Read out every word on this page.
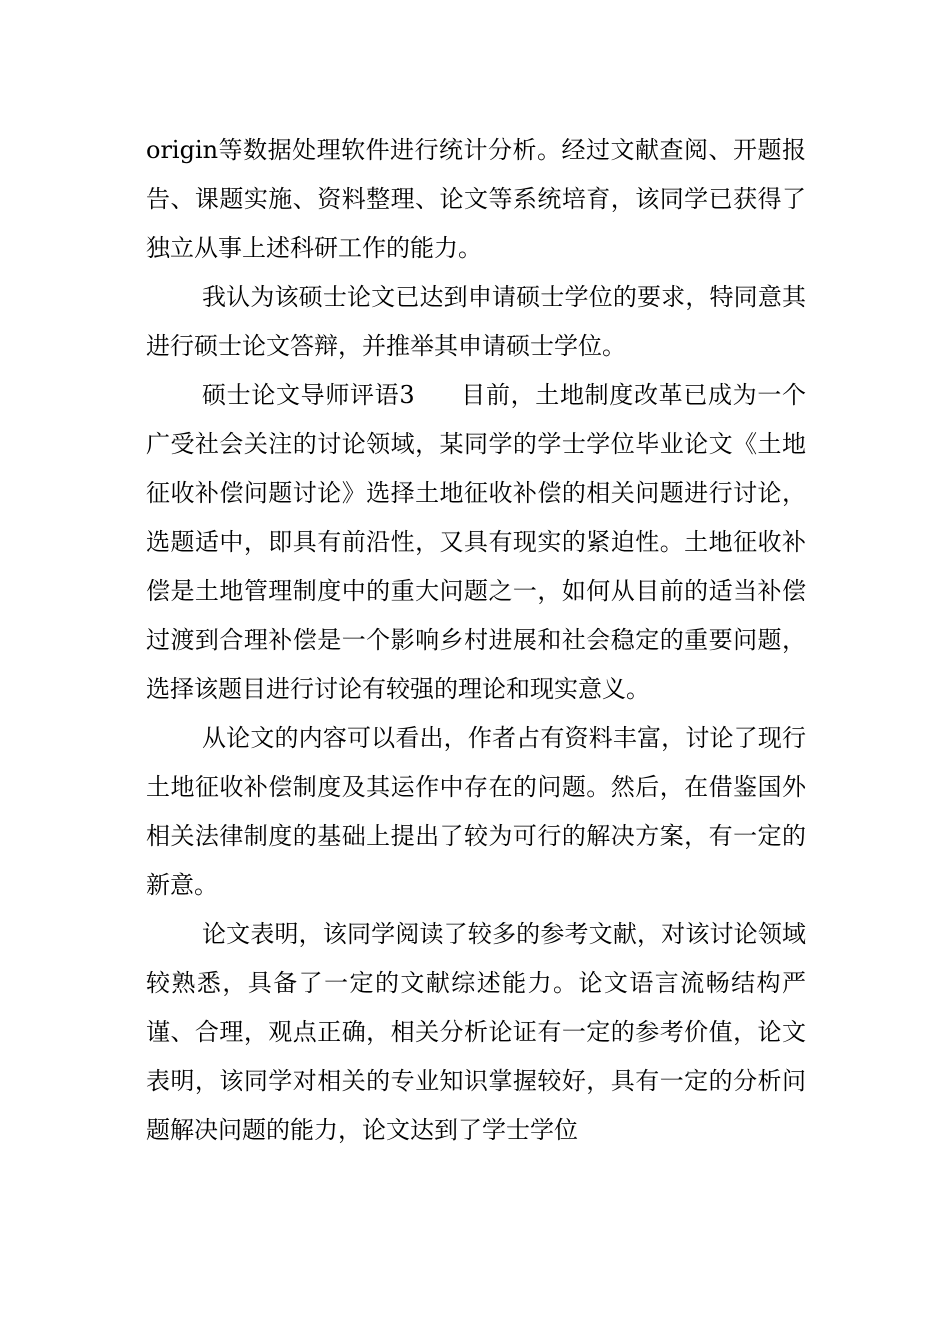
origin等数据处理软件进行统计分析。经过文献查阅、开题报告、课题实施、资料整理、论文等系统培育，该同学已获得了独立从事上述科研工作的能力。

我认为该硕士论文已达到申请硕士学位的要求，特同意其进行硕士论文答辩，并推举其申请硕士学位。

硕士论文导师评语3 目前，土地制度改革已成为一个广受社会关注的讨论领域，某同学的学士学位毕业论文《土地征收补偿问题讨论》选择土地征收补偿的相关问题进行讨论，选题适中，即具有前沿性，又具有现实的紧迫性。土地征收补偿是土地管理制度中的重大问题之一，如何从目前的适当补偿过渡到合理补偿是一个影响乡村进展和社会稳定的重要问题，选择该题目进行讨论有较强的理论和现实意义。

从论文的内容可以看出，作者占有资料丰富，讨论了现行土地征收补偿制度及其运作中存在的问题。然后，在借鉴国外相关法律制度的基础上提出了较为可行的解决方案，有一定的新意。

论文表明，该同学阅读了较多的参考文献，对该讨论领域较熟悉，具备了一定的文献综述能力。论文语言流畅结构严谨、合理，观点正确，相关分析论证有一定的参考价值，论文表明，该同学对相关的专业知识掌握较好，具有一定的分析问题解决问题的能力，论文达到了学士学位
